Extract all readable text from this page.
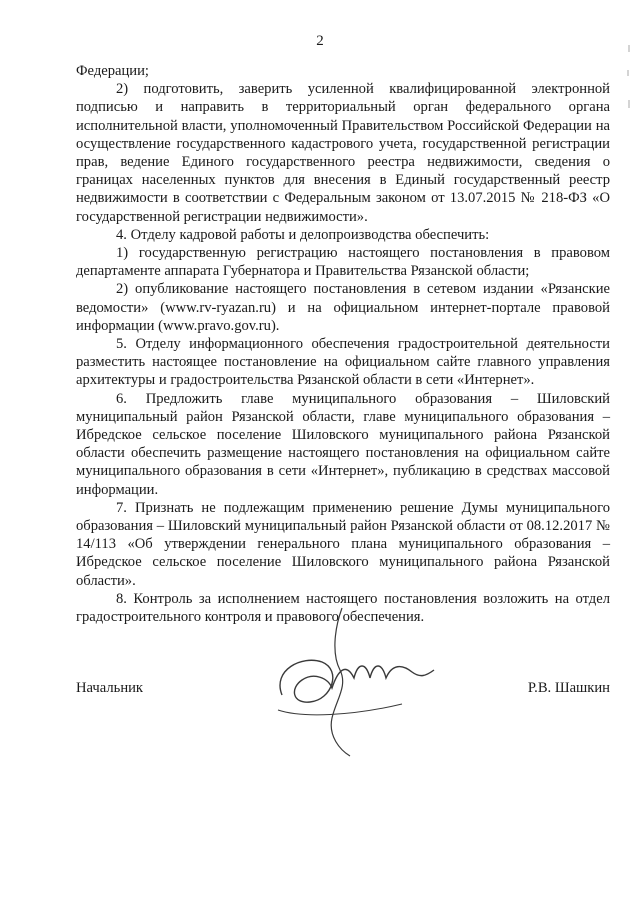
2

Федерации;

2) подготовить, заверить усиленной квалифицированной электронной подписью и направить в территориальный орган федерального органа исполнительной власти, уполномоченный Правительством Российской Федерации на осуществление государственного кадастрового учета, государственной регистрации прав, ведение Единого государственного реестра недвижимости, сведения о границах населенных пунктов для внесения в Единый государственный реестр недвижимости в соответствии с Федеральным законом от 13.07.2015 № 218-ФЗ «О государственной регистрации недвижимости».

4. Отделу кадровой работы и делопроизводства обеспечить:

1) государственную регистрацию настоящего постановления в правовом департаменте аппарата Губернатора и Правительства Рязанской области;

2) опубликование настоящего постановления в сетевом издании «Рязанские ведомости» (www.rv-ryazan.ru) и на официальном интернет-портале правовой информации (www.pravo.gov.ru).

5. Отделу информационного обеспечения градостроительной деятельности разместить настоящее постановление на официальном сайте главного управления архитектуры и градостроительства Рязанской области в сети «Интернет».

6. Предложить главе муниципального образования – Шиловский муниципальный район Рязанской области, главе муниципального образования – Ибредское сельское поселение Шиловского муниципального района Рязанской области обеспечить размещение настоящего постановления на официальном сайте муниципального образования в сети «Интернет», публикацию в средствах массовой информации.

7. Признать не подлежащим применению решение Думы муниципального образования – Шиловский муниципальный район Рязанской области от 08.12.2017 № 14/113 «Об утверждении генерального плана муниципального образования – Ибредское сельское поселение Шиловского муниципального района Рязанской области».

8. Контроль за исполнением настоящего постановления возложить на отдел градостроительного контроля и правового обеспечения.

Начальник	Р.В. Шашкин
